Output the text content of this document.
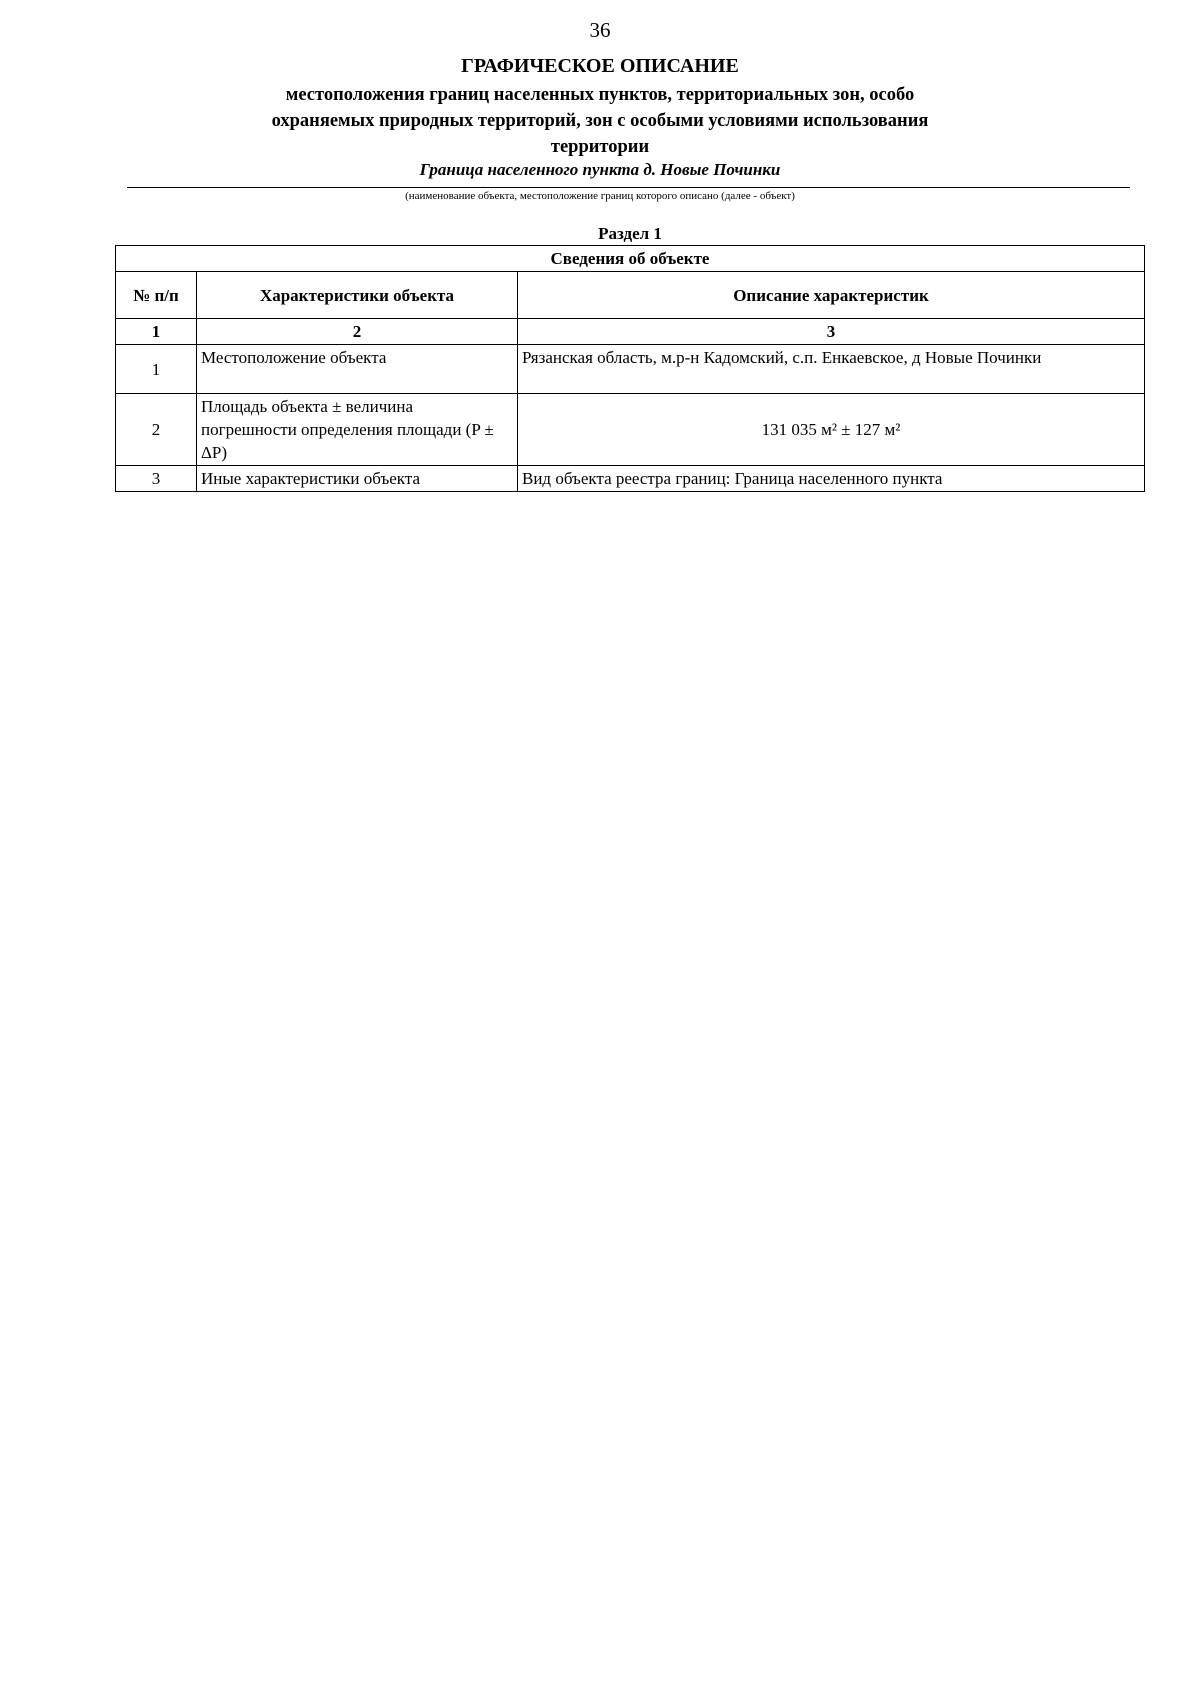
36
ГРАФИЧЕСКОЕ ОПИСАНИЕ
местоположения границ населенных пунктов, территориальных зон, особо охраняемых природных территорий, зон с особыми условиями использования территории
Граница населенного пункта д. Новые Починки
(наименование объекта, местоположение границ которого описано (далее - объект)
Раздел 1
Сведения об объекте		
№ п/п	Характеристики объекта	Описание характеристик
1	2	3
1	Местоположение объекта	Рязанская область, м.р-н Кадомский, с.п. Енкаевское, д Новые Починки
2	Площадь объекта ± величина погрешности определения площади (P ± ΔP)	131 035 м² ± 127 м²
3	Иные характеристики объекта	Вид объекта реестра границ: Граница населенного пункта
